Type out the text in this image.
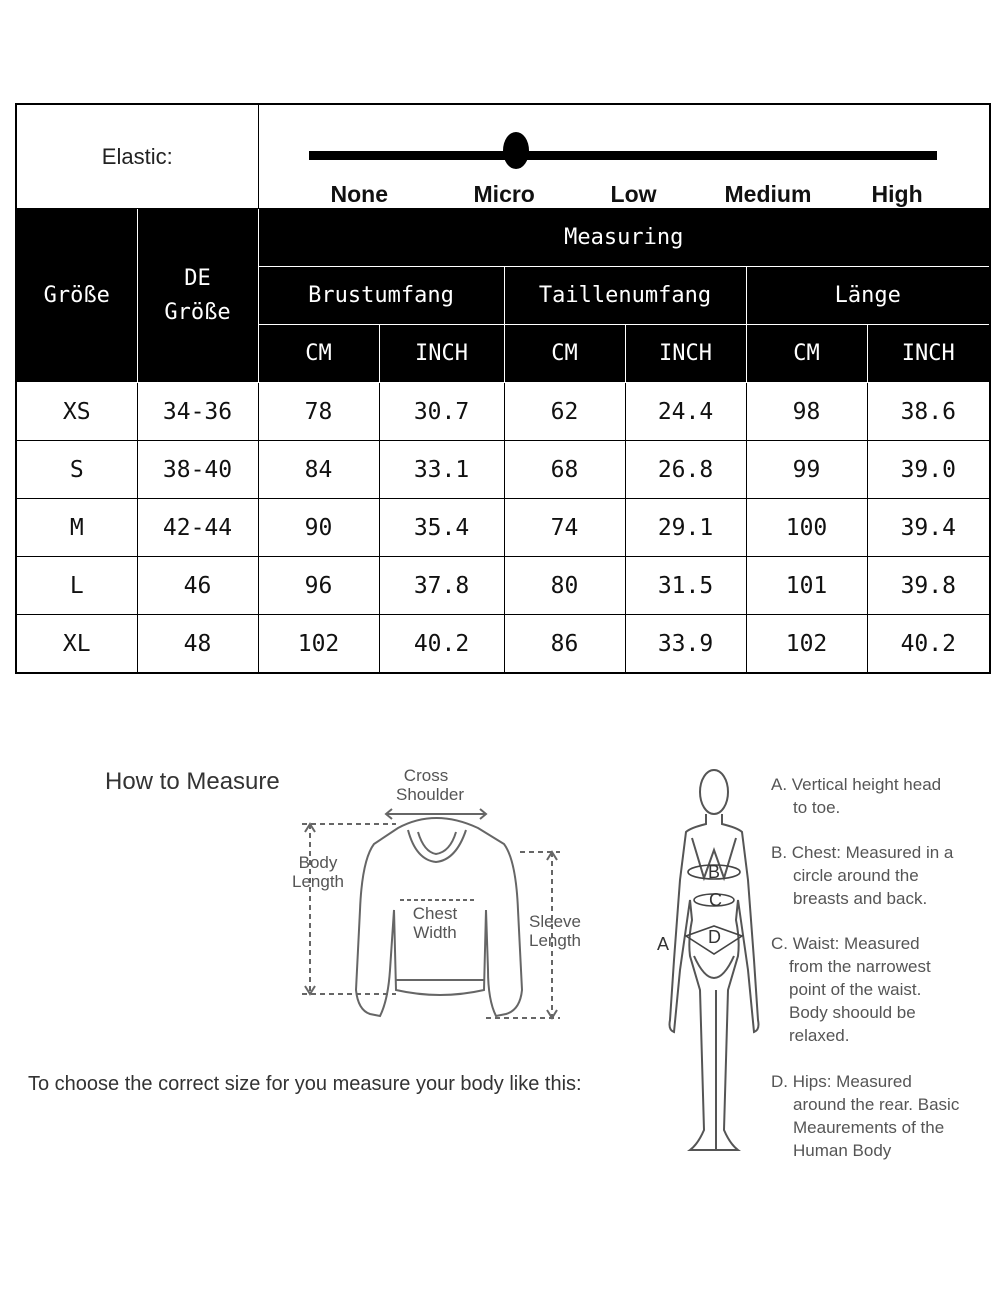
Elastic:		None Micro Low Medium High					

Größe	DE Größe	Measuring					
		Brustumfang		Taillenumfang		Länge	
		CM	INCH	CM	INCH	CM	INCH
XS	34-36	78	30.7	62	24.4	98	38.6
S	38-40	84	33.1	68	26.8	99	39.0
M	42-44	90	35.4	74	29.1	100	39.4
L	46	96	37.8	80	31.5	101	39.8
XL	48	102	40.2	86	33.9	102	40.2
How to Measure	Cross Shoulder
Body Length
Chest Width
Sleeve Length
To choose the correct size for you measure your body like this:
B
C
D
A
A. Vertical height head
to toe.
B. Chest: Measured in a
circle around the breasts and back.
C. Waist: Measured
from the narrowest point of the waist. Body shoould be relaxed.
D. Hips: Measured
around the rear. Basic Meaurements of the Human Body
